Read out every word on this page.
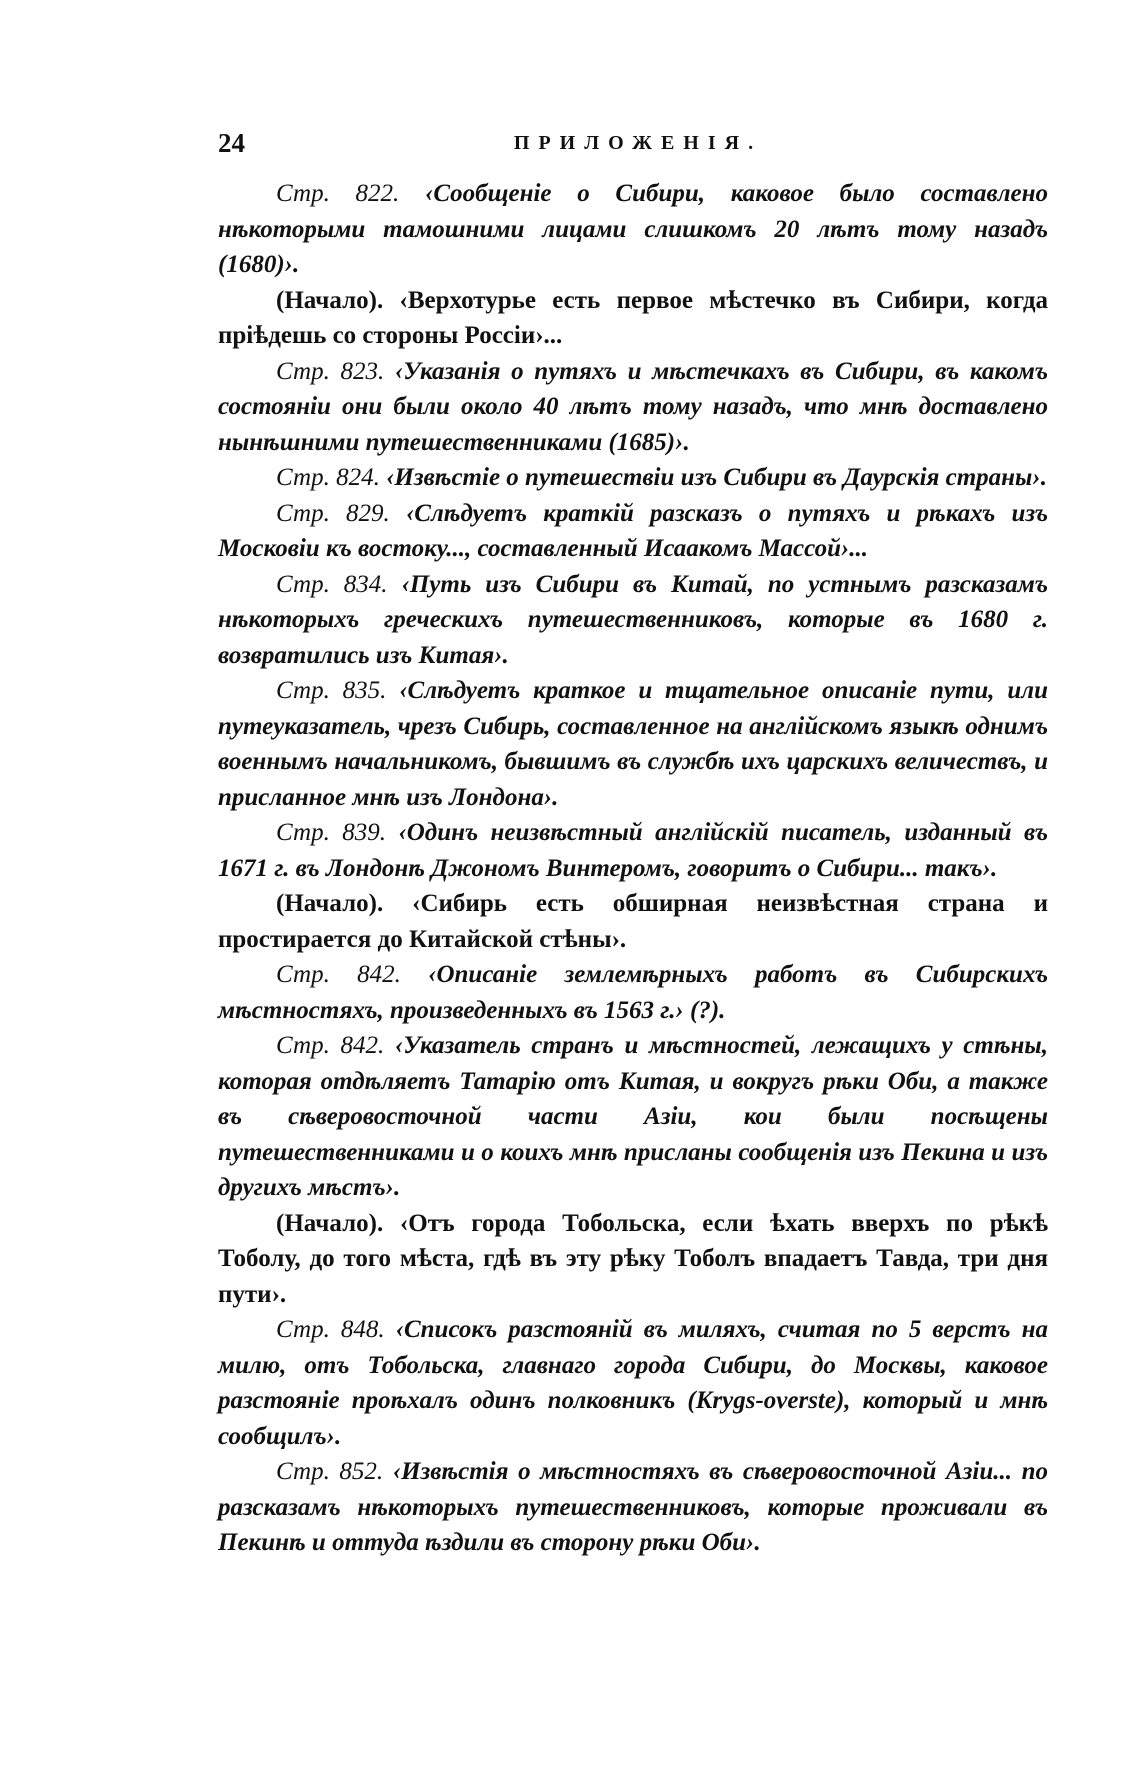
24	ПРИЛОЖЕНІЯ.

Стр. 822. ‹Сообщеніе о Сибири, каковое было составлено нѣкоторыми тамошними лицами слишкомъ 20 лѣтъ тому назадъ (1680)›.

(Начало). ‹Верхотурье есть первое мѣстечко въ Сибири, когда пріѣдешь со стороны Россіи›...

Стр. 823. ‹Указанія о путяхъ и мѣстечкахъ въ Сибири, въ какомъ состояніи они были около 40 лѣтъ тому назадъ, что мнѣ доставлено нынѣшними путешественниками (1685)›.

Стр. 824. ‹Извѣстіе о путешествіи изъ Сибири въ Даурскія страны›.

Стр. 829. ‹Слѣдуетъ краткій разсказъ о путяхъ и рѣкахъ изъ Московіи къ востоку..., составленный Исаакомъ Массой›...

Стр. 834. ‹Путь изъ Сибири въ Китай, по устнымъ разсказамъ нѣкоторыхъ греческихъ путешественниковъ, которые въ 1680 г. возвратились изъ Китая›.

Стр. 835. ‹Слѣдуетъ краткое и тщательное описаніе пути, или путеуказатель, чрезъ Сибирь, составленное на англійскомъ языкѣ однимъ военнымъ начальникомъ, бывшимъ въ службѣ ихъ царскихъ величествъ, и присланное мнѣ изъ Лондона›.

Стр. 839. ‹Одинъ неизвѣстный англійскій писатель, изданный въ 1671 г. въ Лондонѣ Джономъ Винтеромъ, говоритъ о Сибири... такъ›.

(Начало). ‹Сибирь есть обширная неизвѣстная страна и простирается до Китайской стѣны›.

Стр. 842. ‹Описаніе землемѣрныхъ работъ въ Сибирскихъ мѣстностяхъ, произведенныхъ въ 1563 г.› (?).

Стр. 842. ‹Указатель странъ и мѣстностей, лежащихъ у стѣны, которая отдѣляетъ Татарію отъ Китая, и вокругъ рѣки Оби, а также въ сѣверовосточной части Азіи, кои были посѣщены путешественниками и о коихъ мнѣ присланы сообщенія изъ Пекина и изъ другихъ мѣстъ›.

(Начало). ‹Отъ города Тобольска, если ѣхать вверхъ по рѣкѣ Тоболу, до того мѣста, гдѣ въ эту рѣку Тоболъ впадаетъ Тавда, три дня пути›.

Стр. 848. ‹Списокъ разстояній въ миляхъ, считая по 5 верстъ на милю, отъ Тобольска, главнаго города Сибири, до Москвы, каковое разстояніе проѣхалъ одинъ полковникъ (Krygs-overste), который и мнѣ сообщилъ›.

Стр. 852. ‹Извѣстія о мѣстностяхъ въ сѣверовосточной Азіи... по разсказамъ нѣкоторыхъ путешественниковъ, которые проживали въ Пекинѣ и оттуда ѣздили въ сторону рѣки Оби›.
